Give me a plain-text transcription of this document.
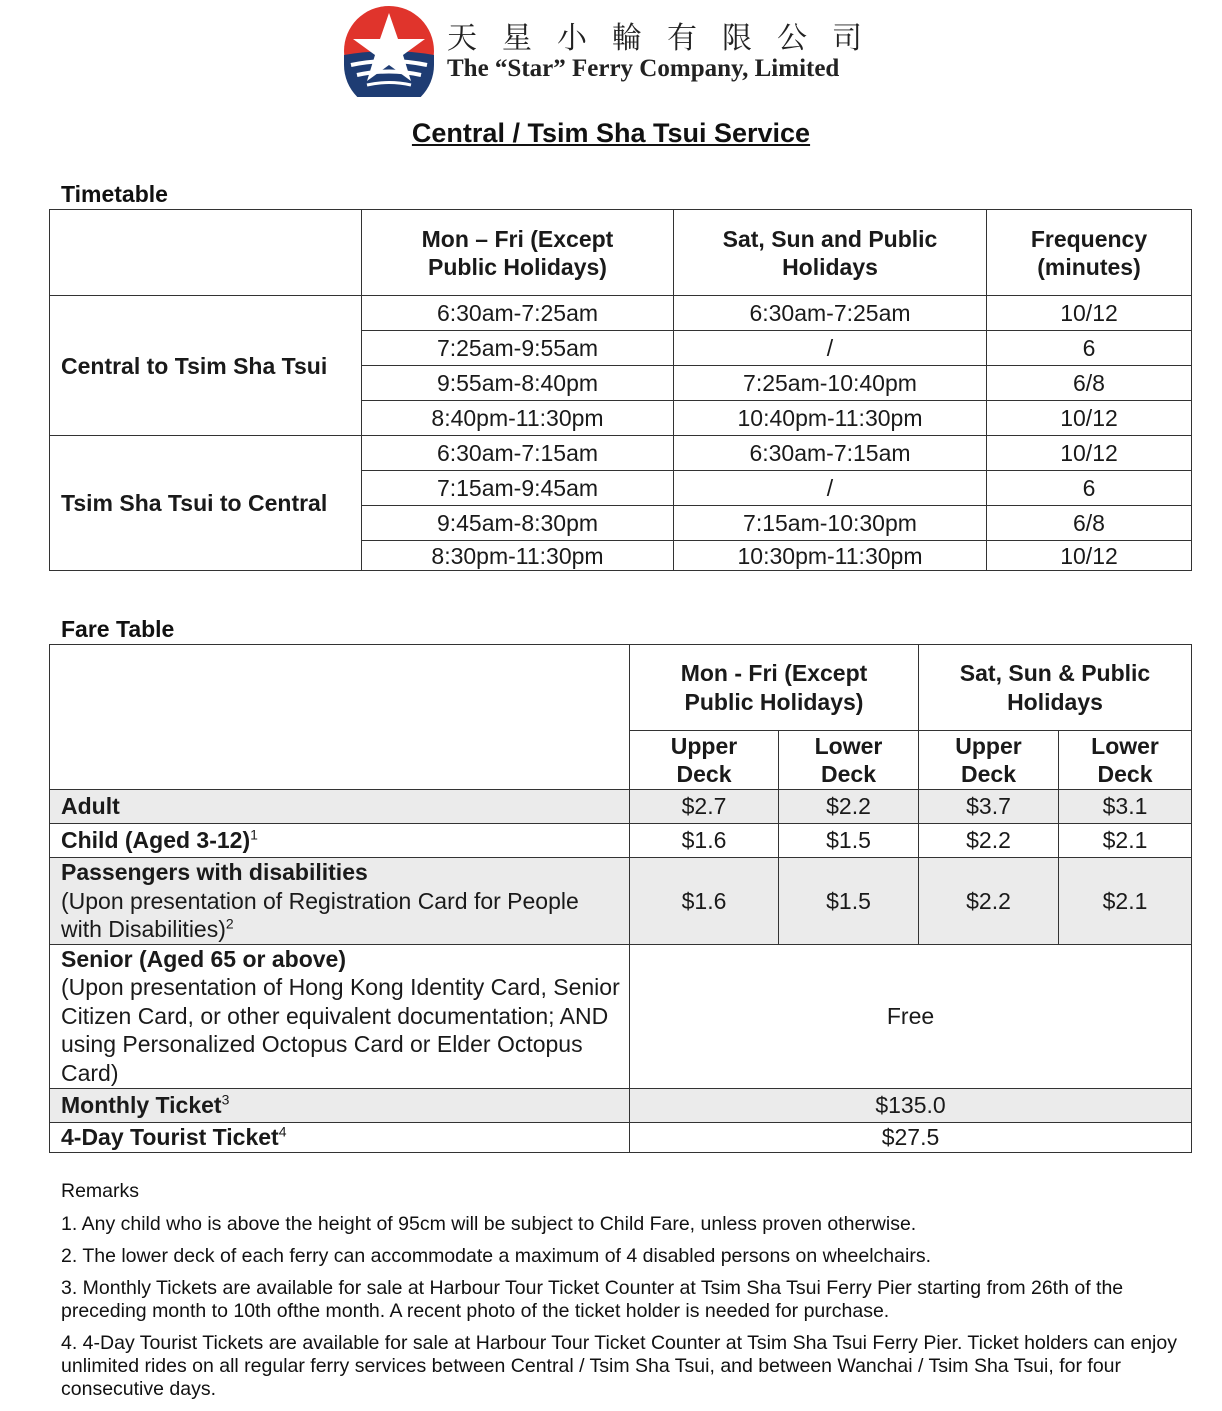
天星小輪有限公司
The “Star” Ferry Company, Limited
Central / Tsim Sha Tsui Service
Timetable
	Mon – Fri (Except Public Holidays)	Sat, Sun and Public Holidays	Frequency (minutes)
Central to Tsim Sha Tsui	6:30am-7:25am	6:30am-7:25am	10/12
	7:25am-9:55am	/	6
	9:55am-8:40pm	7:25am-10:40pm	6/8
	8:40pm-11:30pm	10:40pm-11:30pm	10/12
Tsim Sha Tsui to Central	6:30am-7:15am	6:30am-7:15am	10/12
	7:15am-9:45am	/	6
	9:45am-8:30pm	7:15am-10:30pm	6/8
	8:30pm-11:30pm	10:30pm-11:30pm	10/12
Fare Table
	Mon - Fri (Except Public Holidays)		Sat, Sun & Public Holidays	
	Upper Deck	Lower Deck	Upper Deck	Lower Deck
Adult	$2.7	$2.2	$3.7	$3.1
Child (Aged 3-12)$^1$	$1.6	$1.5	$2.2	$2.1
Passengers with disabilities
(Upon presentation of Registration Card for People with Disabilities)$^2$	$1.6	$1.5	$2.2	$2.1
Senior (Aged 65 or above)
(Upon presentation of Hong Kong Identity Card, Senior Citizen Card, or other equivalent documentation; AND using Personalized Octopus Card or Elder Octopus Card)	Free			
Monthly Ticket$^3$	$135.0			
4-Day Tourist Ticket$^4$	$27.5			

Remarks

1. Any child who is above the height of 95cm will be subject to Child Fare, unless proven otherwise.

2. The lower deck of each ferry can accommodate a maximum of 4 disabled persons on wheelchairs.

3. Monthly Tickets are available for sale at Harbour Tour Ticket Counter at Tsim Sha Tsui Ferry Pier starting from 26th of the preceding month to 10th ofthe month. A recent photo of the ticket holder is needed for purchase.

4. 4-Day Tourist Tickets are available for sale at Harbour Tour Ticket Counter at Tsim Sha Tsui Ferry Pier. Ticket holders can enjoy unlimited rides on all regular ferry services between Central / Tsim Sha Tsui, and between Wanchai / Tsim Sha Tsui, for four consecutive days.
